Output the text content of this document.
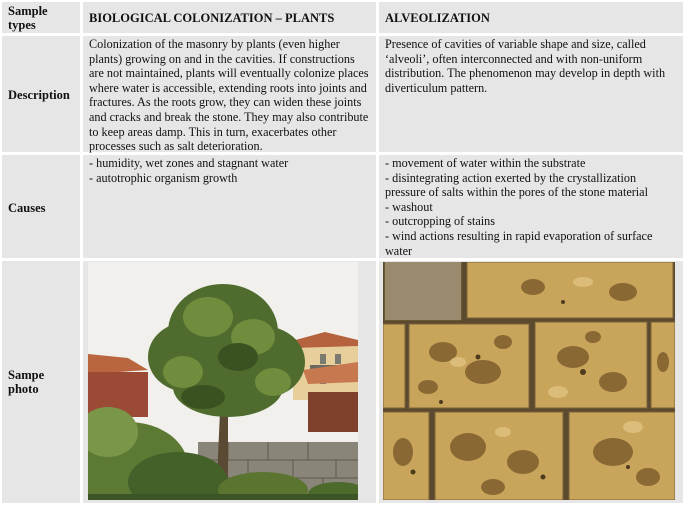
Sample types	BIOLOGICAL COLONIZATION – PLANTS	ALVEOLIZATION
Description
Colonization of the masonry by plants (even higher plants) growing on and in the cavities. If constructions are not maintained, plants will eventually colonize places where water is accessible, extending roots into joints and fractures. As the roots grow, they can widen these joints and cracks and break the stone. They may also contribute to keep areas damp. This in turn, exacerbates other processes such as salt deterioration.
Presence of cavities of variable shape and size, called ‘alveoli’, often interconnected and with non-uniform distribution. The phenomenon may develop in depth with diverticulum pattern.
Causes
- humidity, wet zones and stagnant water
- autotrophic organism growth
- movement of water within the substrate
- disintegrating action exerted by the crystallization pressure of salts within the pores of the stone material
- washout
- outcropping of stains
- wind actions resulting in rapid evaporation of surface water
Sampe photo
